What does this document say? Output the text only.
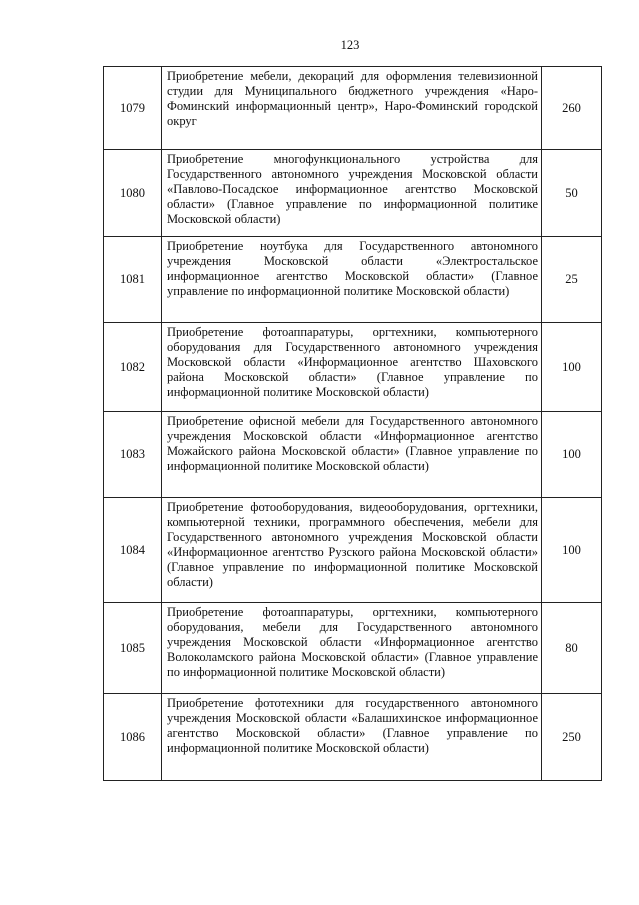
123
1079	Приобретение мебели, декораций для оформления телевизионной студии для Муниципального бюджетного учреждения «Наро-Фоминский информационный центр», Наро-Фоминский городской округ	260
1080	Приобретение многофункционального устройства для Государственного автономного учреждения Московской области «Павлово-Посадское информационное агентство Московской области» (Главное управление по информационной политике Московской области)	50
1081	Приобретение ноутбука для Государственного автономного учреждения Московской области «Электростальское информационное агентство Московской области» (Главное управление по информационной политике Московской области)	25
1082	Приобретение фотоаппаратуры, оргтехники, компьютерного оборудования для Государственного автономного учреждения Московской области «Информационное агентство Шаховского района Московской области» (Главное управление по информационной политике Московской области)	100
1083	Приобретение офисной мебели для Государственного автономного учреждения Московской области «Информационное агентство Можайского района Московской области» (Главное управление по информационной политике Московской области)	100
1084	Приобретение фотооборудования, видеооборудования, оргтехники, компьютерной техники, программного обеспечения, мебели для Государственного автономного учреждения Московской области «Информационное агентство Рузского района Московской области» (Главное управление по информационной политике Московской области)	100
1085	Приобретение фотоаппаратуры, оргтехники, компьютерного оборудования, мебели для Государственного автономного учреждения Московской области «Информационное агентство Волоколамского района Московской области» (Главное управление по информационной политике Московской области)	80
1086	Приобретение фототехники для государственного автономного учреждения Московской области «Балашихинское информационное агентство Московской области» (Главное управление по информационной политике Московской области)	250
